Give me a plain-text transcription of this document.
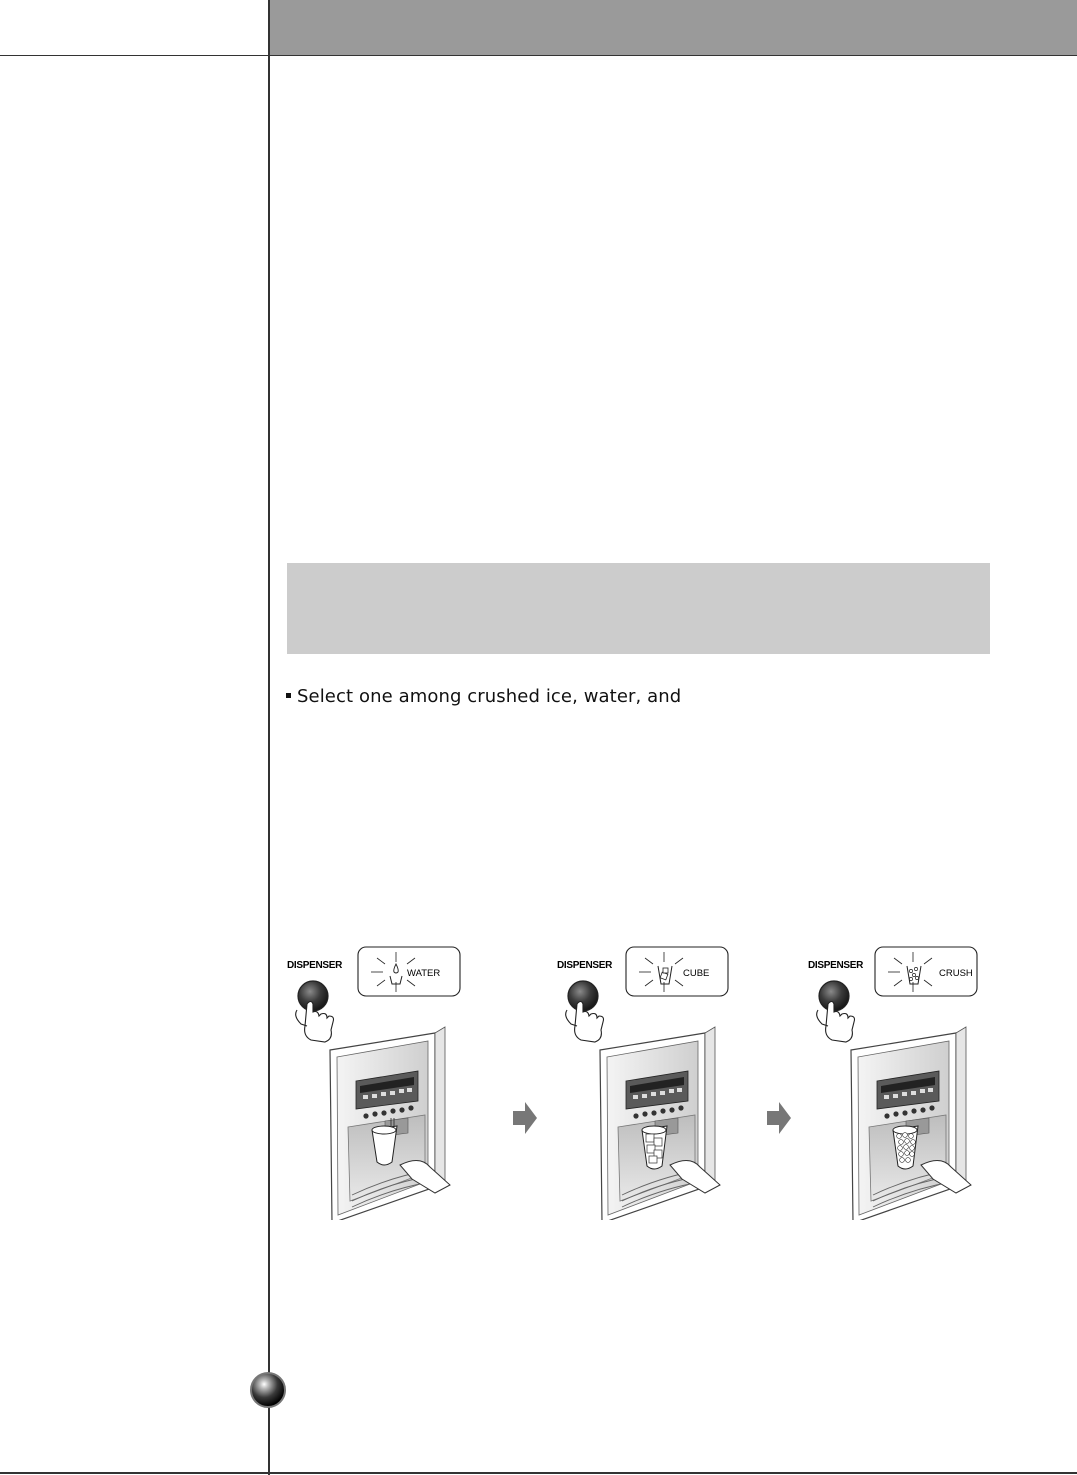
Select one among crushed ice, water, and
DISPENSER
WATER
DISPENSER
CUBE
DISPENSER
CRUSH
